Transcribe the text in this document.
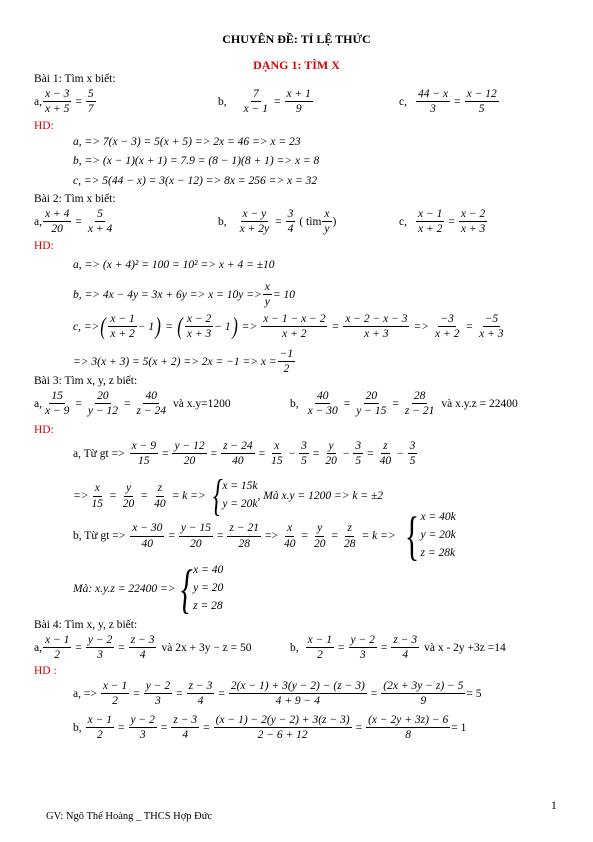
CHUYÊN ĐỀ: TỈ LỆ THỨC
DẠNG 1: TÌM X
Bài 1: Tìm x biết:
a, $\frac{x - 3}{x + 5} = \frac{5}{7}$	b, $\frac{7}{x - 1} = \frac{x + 1}{9}$	c, $\frac{44 - x}{3} = \frac{x - 12}{5}$
HD:
a, => 7(x − 3) = 5(x + 5) => 2x = 46 => x = 23
b, => (x − 1)(x + 1) = 7.9 = (8 − 1)(8 + 1) => x = 8
c, => 5(44 − x) = 3(x − 12) => 8x = 256 => x = 32
Bài 2: Tìm x biết:
a, $\frac{x + 4}{20} = \frac{5}{x + 4}$	b, $\frac{x - y}{x + 2y} = \frac{3}{4}$ ( tìm $\frac{x}{y}$ )	c, $\frac{x - 1}{x + 2} = \frac{x - 2}{x + 3}$
HD:
a, => (x + 4)² = 100 = 10² => x + 4 = ±10
b, => $4x - 4y = 3x + 6y => x = 10y => \frac{x}{y} = 10$
c, => ( $\frac{x - 1}{x + 2} - 1$ ) = ( $\frac{x - 2}{x + 3} - 1$ ) => $\frac{x - 1 - x - 2}{x + 2} = \frac{x - 2 - x - 3}{x + 3} => \frac{-3}{x + 2} = \frac{-5}{x + 3}$
=> $3(x + 3) = 5(x + 2) => 2x = -1 => x = \frac{-1}{2}$
Bài 3: Tìm x, y, z biết:
a, $\frac{15}{x - 9} = \frac{20}{y - 12} = \frac{40}{z - 24}$ và x.y=1200	b, $\frac{40}{x - 30} = \frac{20}{y - 15} = \frac{28}{z - 21}$ và x.y.z = 22400
HD:
a, Từ gt => $\frac{x - 9}{15} = \frac{y - 12}{20} = \frac{z - 24}{40} = \frac{x}{15} - \frac{3}{5} = \frac{y}{20} - \frac{3}{5} = \frac{z}{40} - \frac{3}{5}$
=> $\frac{x}{15} = \frac{y}{20} = \frac{z}{40} = k$ => { x = 15k
y = 20k
, Mà x.y = 1200 => k = ±2
b, Từ gt => $\frac{x - 30}{40} = \frac{y - 15}{20} = \frac{z - 21}{28} => \frac{x}{40} = \frac{y}{20} = \frac{z}{28} = k$ => { x = 40k
y = 20k
z = 28k
Mà: x.y.z = 22400 => { x = 40
y = 20
z = 28
Bài 4: Tìm x, y, z biết:
a, $\frac{x - 1}{2} = \frac{y - 2}{3} = \frac{z - 3}{4}$ và 2x + 3y − z = 50	b, $\frac{x - 1}{2} = \frac{y - 2}{3} = \frac{z - 3}{4}$ và x - 2y +3z =14
HD :
a, => $\frac{x - 1}{2} = \frac{y - 2}{3} = \frac{z - 3}{4} = \frac{2(x - 1) + 3(y - 2) - (z - 3)}{4 + 9 - 4} = \frac{(2x + 3y - z) - 5}{9} = 5$
b, $\frac{x - 1}{2} = \frac{y - 2}{3} = \frac{z - 3}{4} = \frac{(x - 1) - 2(y - 2) + 3(z - 3)}{2 - 6 + 12} = \frac{(x - 2y + 3z) - 6}{8} = 1$
1
GV: Ngô Thế Hoàng _ THCS Hợp Đức
